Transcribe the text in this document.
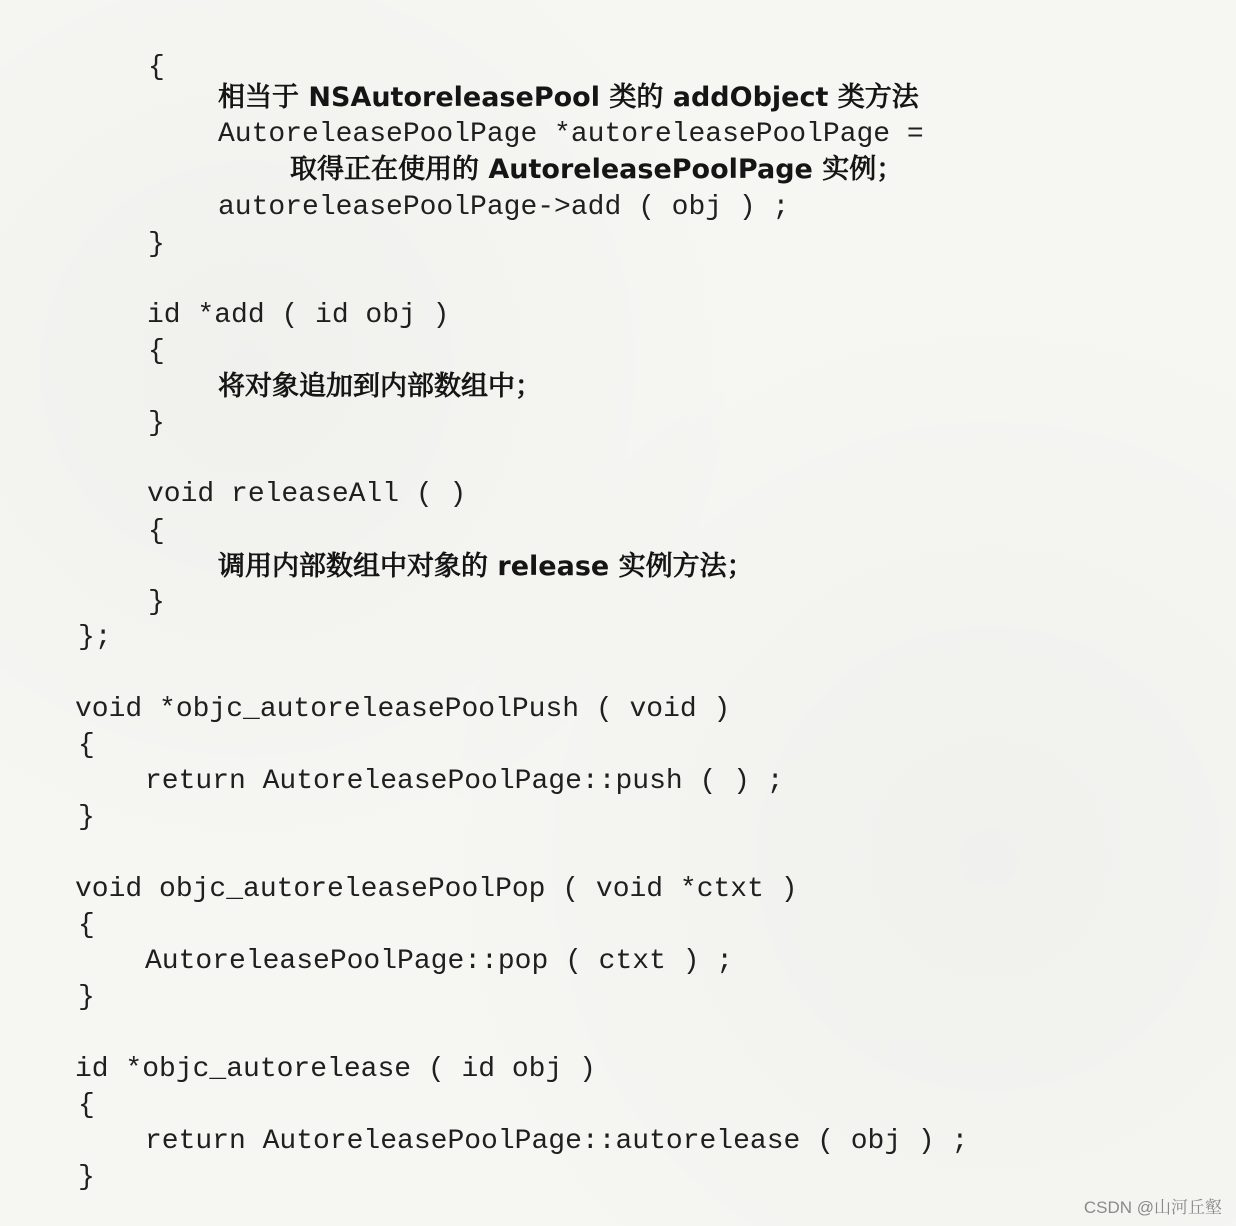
{
相当于 NSAutoreleasePool 类的 addObject 类方法
AutoreleasePoolPage *autoreleasePoolPage =
取得正在使用的 AutoreleasePoolPage 实例；
autoreleasePoolPage->add ( obj ) ;
}
id *add ( id obj )
{
将对象追加到内部数组中；
}
void releaseAll ( )
{
调用内部数组中对象的 release 实例方法；
}
};
void *objc_autoreleasePoolPush ( void )
{
return AutoreleasePoolPage::push ( ) ;
}
void objc_autoreleasePoolPop ( void *ctxt )
{
AutoreleasePoolPage::pop ( ctxt ) ;
}
id *objc_autorelease ( id obj )
{
return AutoreleasePoolPage::autorelease ( obj ) ;
}
CSDN @山河丘壑
